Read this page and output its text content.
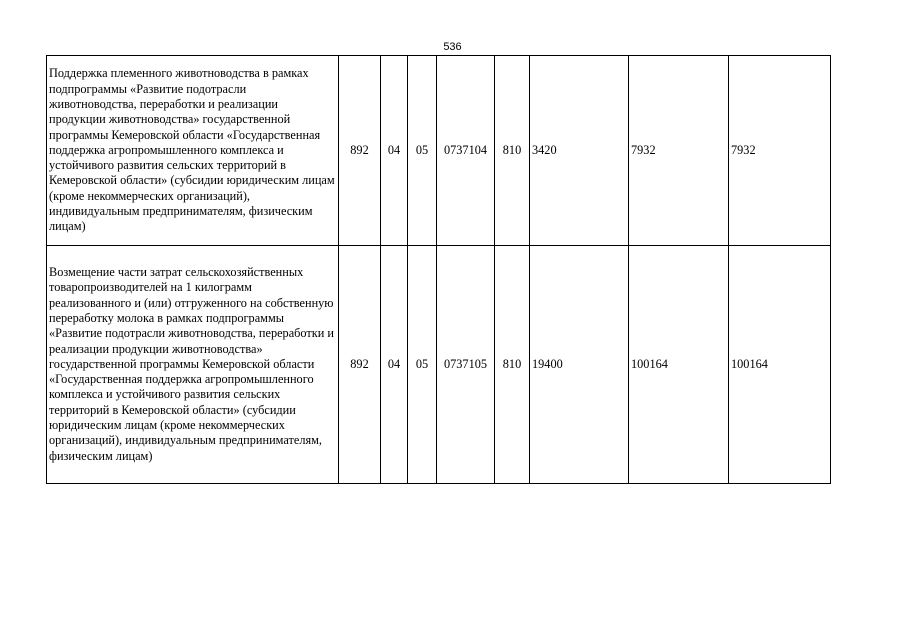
536
Поддержка племенного животноводства в рамках подпрограммы «Развитие подотрасли животноводства, переработки и реализации продукции животноводства» государственной программы Кемеровской области «Государственная поддержка агропромышленного комплекса и устойчивого развития сельских территорий в Кемеровской области» (субсидии юридическим лицам (кроме некоммерческих организаций), индивидуальным предпринимателям, физическим лицам)	892	04	05	0737104	810	3420	7932	7932
Возмещение части затрат сельскохозяйственных товаропроизводителей на 1 килограмм реализованного и (или) отгруженного на собственную переработку молока в рамках подпрограммы «Развитие подотрасли животноводства, переработки и реализации продукции животноводства» государственной программы Кемеровской области «Государственная поддержка агропромышленного комплекса и устойчивого развития сельских территорий в Кемеровской области» (субсидии юридическим лицам (кроме некоммерческих организаций), индивидуальным предпринимателям, физическим лицам)	892	04	05	0737105	810	19400	100164	100164
